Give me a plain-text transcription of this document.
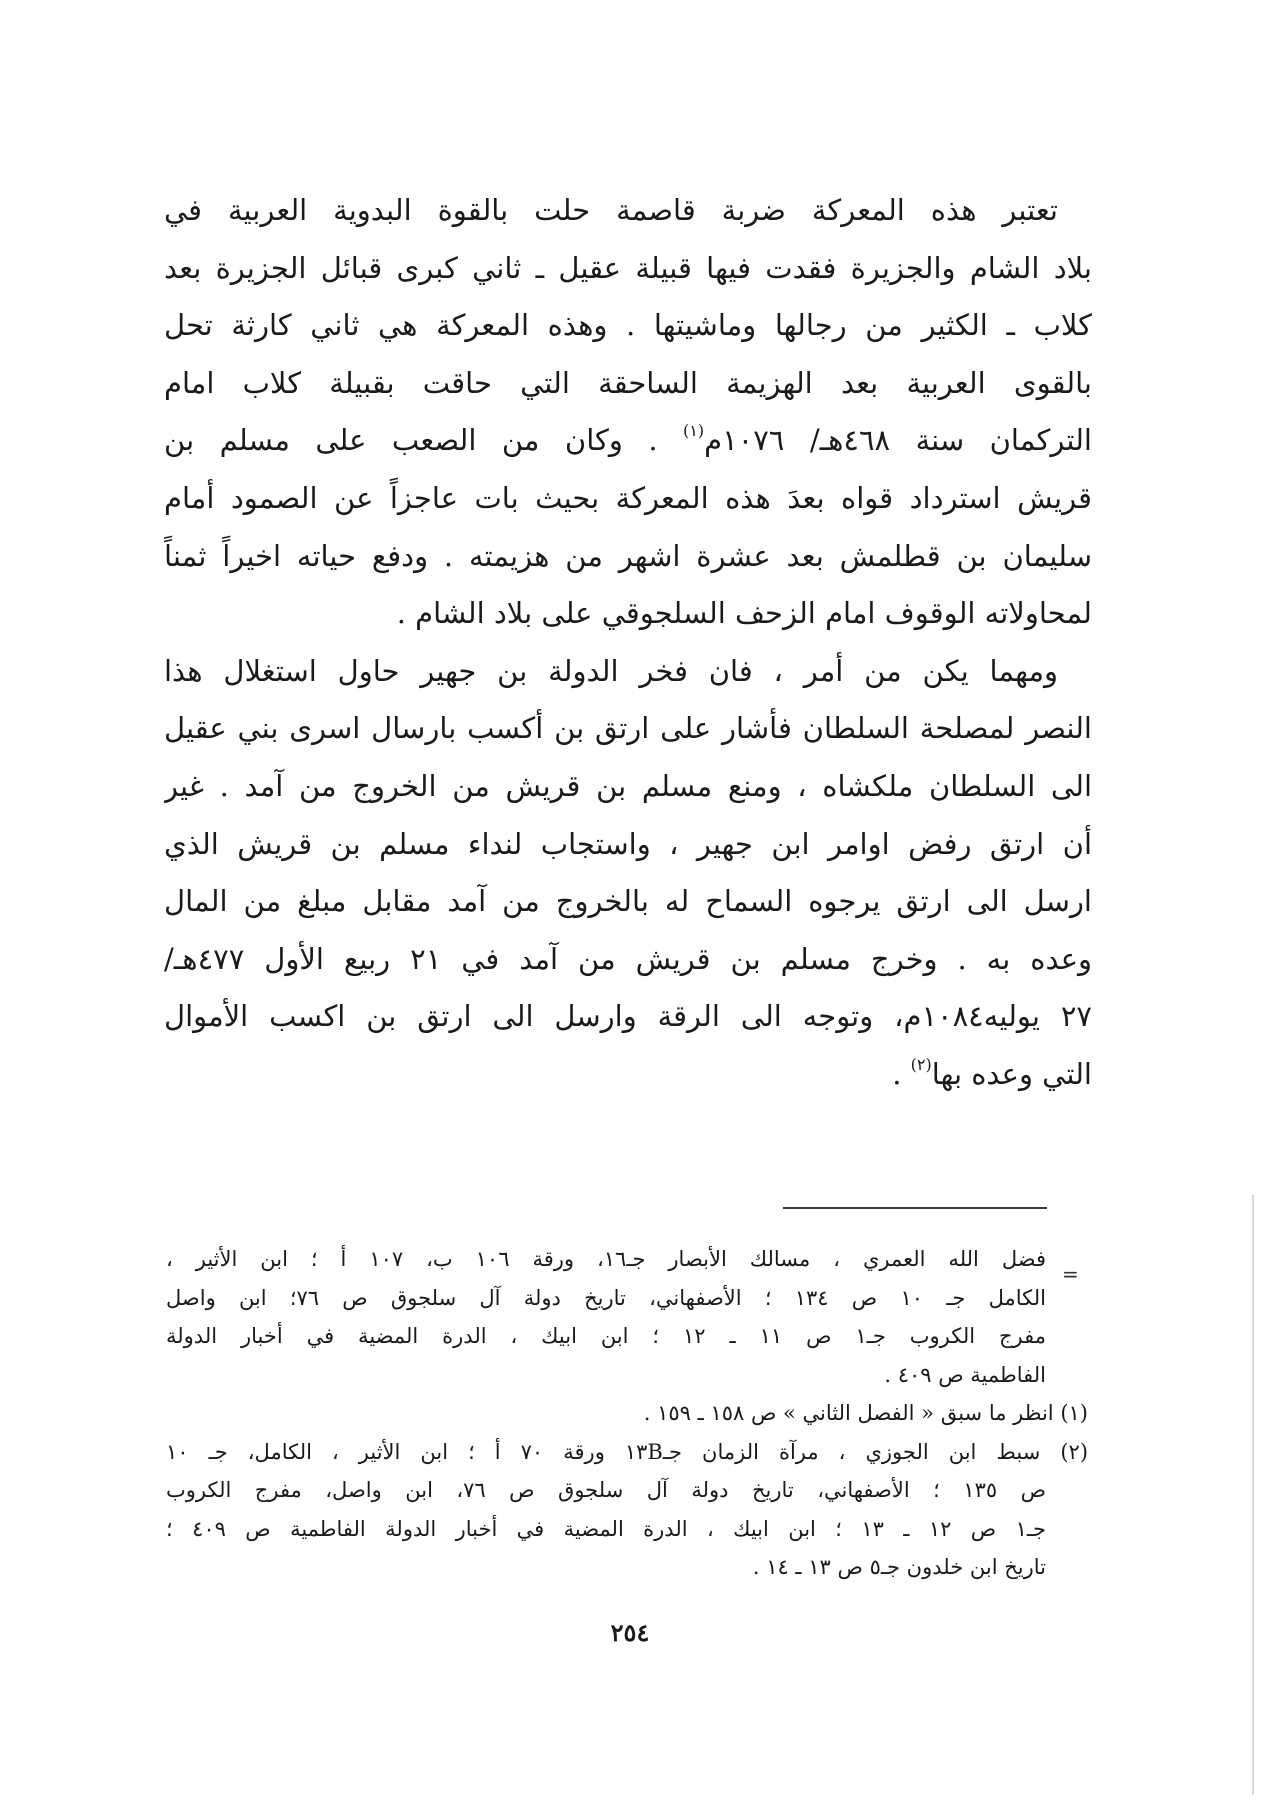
تعتبر هذه المعركة ضربة قاصمة حلت بالقوة البدوية العربية في
بلاد الشام والجزيرة فقدت فيها قبيلة عقيل ـ ثاني كبرى قبائل الجزيرة بعد
كلاب ـ الكثير من رجالها وماشيتها . وهذه المعركة هي ثاني كارثة تحل
بالقوى العربية بعد الهزيمة الساحقة التي حاقت بقبيلة كلاب امام
التركمان سنة ٤٦٨هـ/ ١٠٧٦م$^{(١)}$ . وكان من الصعب على مسلم بن
قريش استرداد قواه بعدَ هذه المعركة بحيث بات عاجزاً عن الصمود أمام
سليمان بن قطلمش بعد عشرة اشهر من هزيمته . ودفع حياته اخيراً ثمناً
لمحاولاته الوقوف امام الزحف السلجوقي على بلاد الشام .
ومهما يكن من أمر ، فان فخر الدولة بن جهير حاول استغلال هذا
النصر لمصلحة السلطان فأشار على ارتق بن أكسب بارسال اسرى بني عقيل
الى السلطان ملكشاه ، ومنع مسلم بن قريش من الخروج من آمد . غير
أن ارتق رفض اوامر ابن جهير ، واستجاب لنداء مسلم بن قريش الذي
ارسل الى ارتق يرجوه السماح له بالخروج من آمد مقابل مبلغ من المال
وعده به . وخرج مسلم بن قريش من آمد في ٢١ ربيع الأول ٤٧٧هـ/
٢٧ يوليه١٠٨٤م، وتوجه الى الرقة وارسل الى ارتق بن اكسب الأموال
التي وعده بها$^{(٢)}$ .
=
فضل الله العمري ، مسالك الأبصار جـ١٦، ورقة ١٠٦ ب، ١٠٧ أ ؛ ابن الأثير ،
الكامل جـ ١٠ ص ١٣٤ ؛ الأصفهاني، تاريخ دولة آل سلجوق ص ٧٦؛ ابن واصل
مفرج الكروب جـ١ ص ١١ ـ ١٢ ؛ ابن ابيك ، الدرة المضية في أخبار الدولة
الفاطمية ص ٤٠٩ .
(١) انظر ما سبق « الفصل الثاني » ص ١٥٨ ـ ١٥٩ .
(٢) سبط ابن الجوزي ، مرآة الزمان جـ١٣B ورقة ٧٠ أ ؛ ابن الأثير ، الكامل، جـ ١٠
ص ١٣٥ ؛ الأصفهاني، تاريخ دولة آل سلجوق ص ٧٦، ابن واصل، مفرج الكروب
جـ١ ص ١٢ ـ ١٣ ؛ ابن ابيك ، الدرة المضية في أخبار الدولة الفاطمية ص ٤٠٩ ؛
تاريخ ابن خلدون جـ٥ ص ١٣ ـ ١٤ .
٢٥٤
